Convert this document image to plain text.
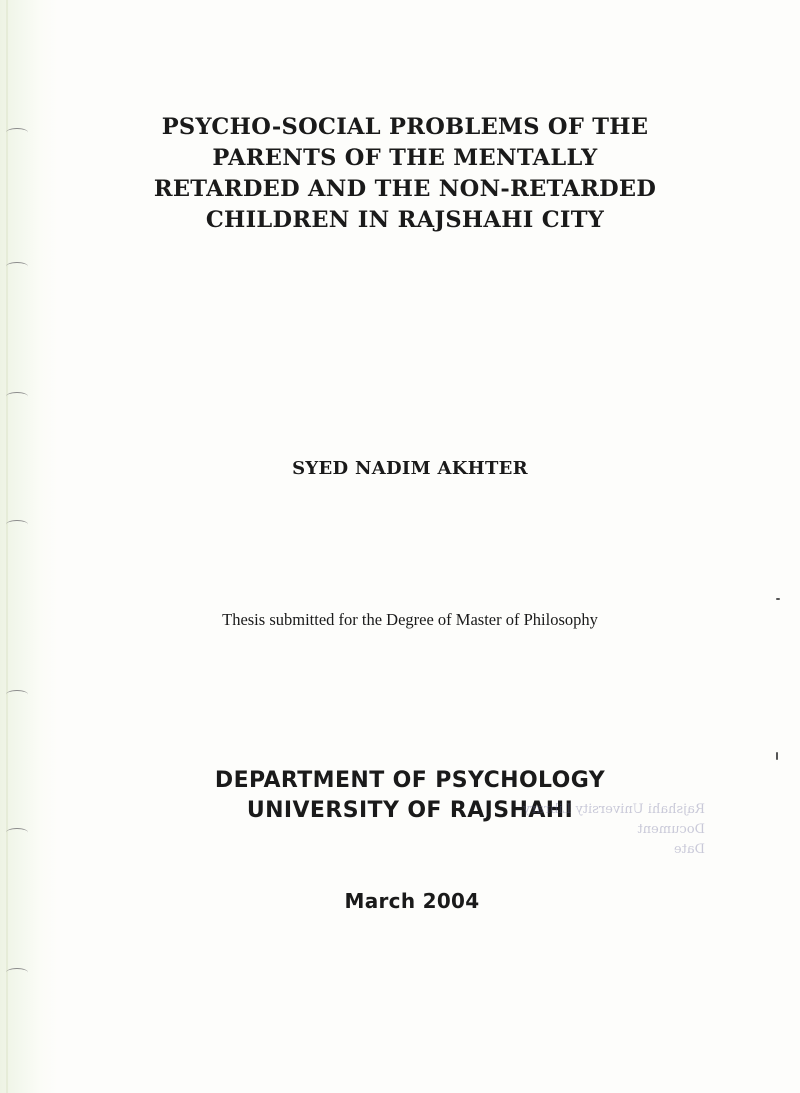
PSYCHO-SOCIAL PROBLEMS OF THE
PARENTS OF THE MENTALLY
RETARDED AND THE NON-RETARDED
CHILDREN IN RAJSHAHI CITY
SYED NADIM AKHTER
Thesis submitted for the Degree of Master of Philosophy
DEPARTMENT OF PSYCHOLOGY
UNIVERSITY OF RAJSHAHI
March 2004
Rajshahi University Library
Document
Date
